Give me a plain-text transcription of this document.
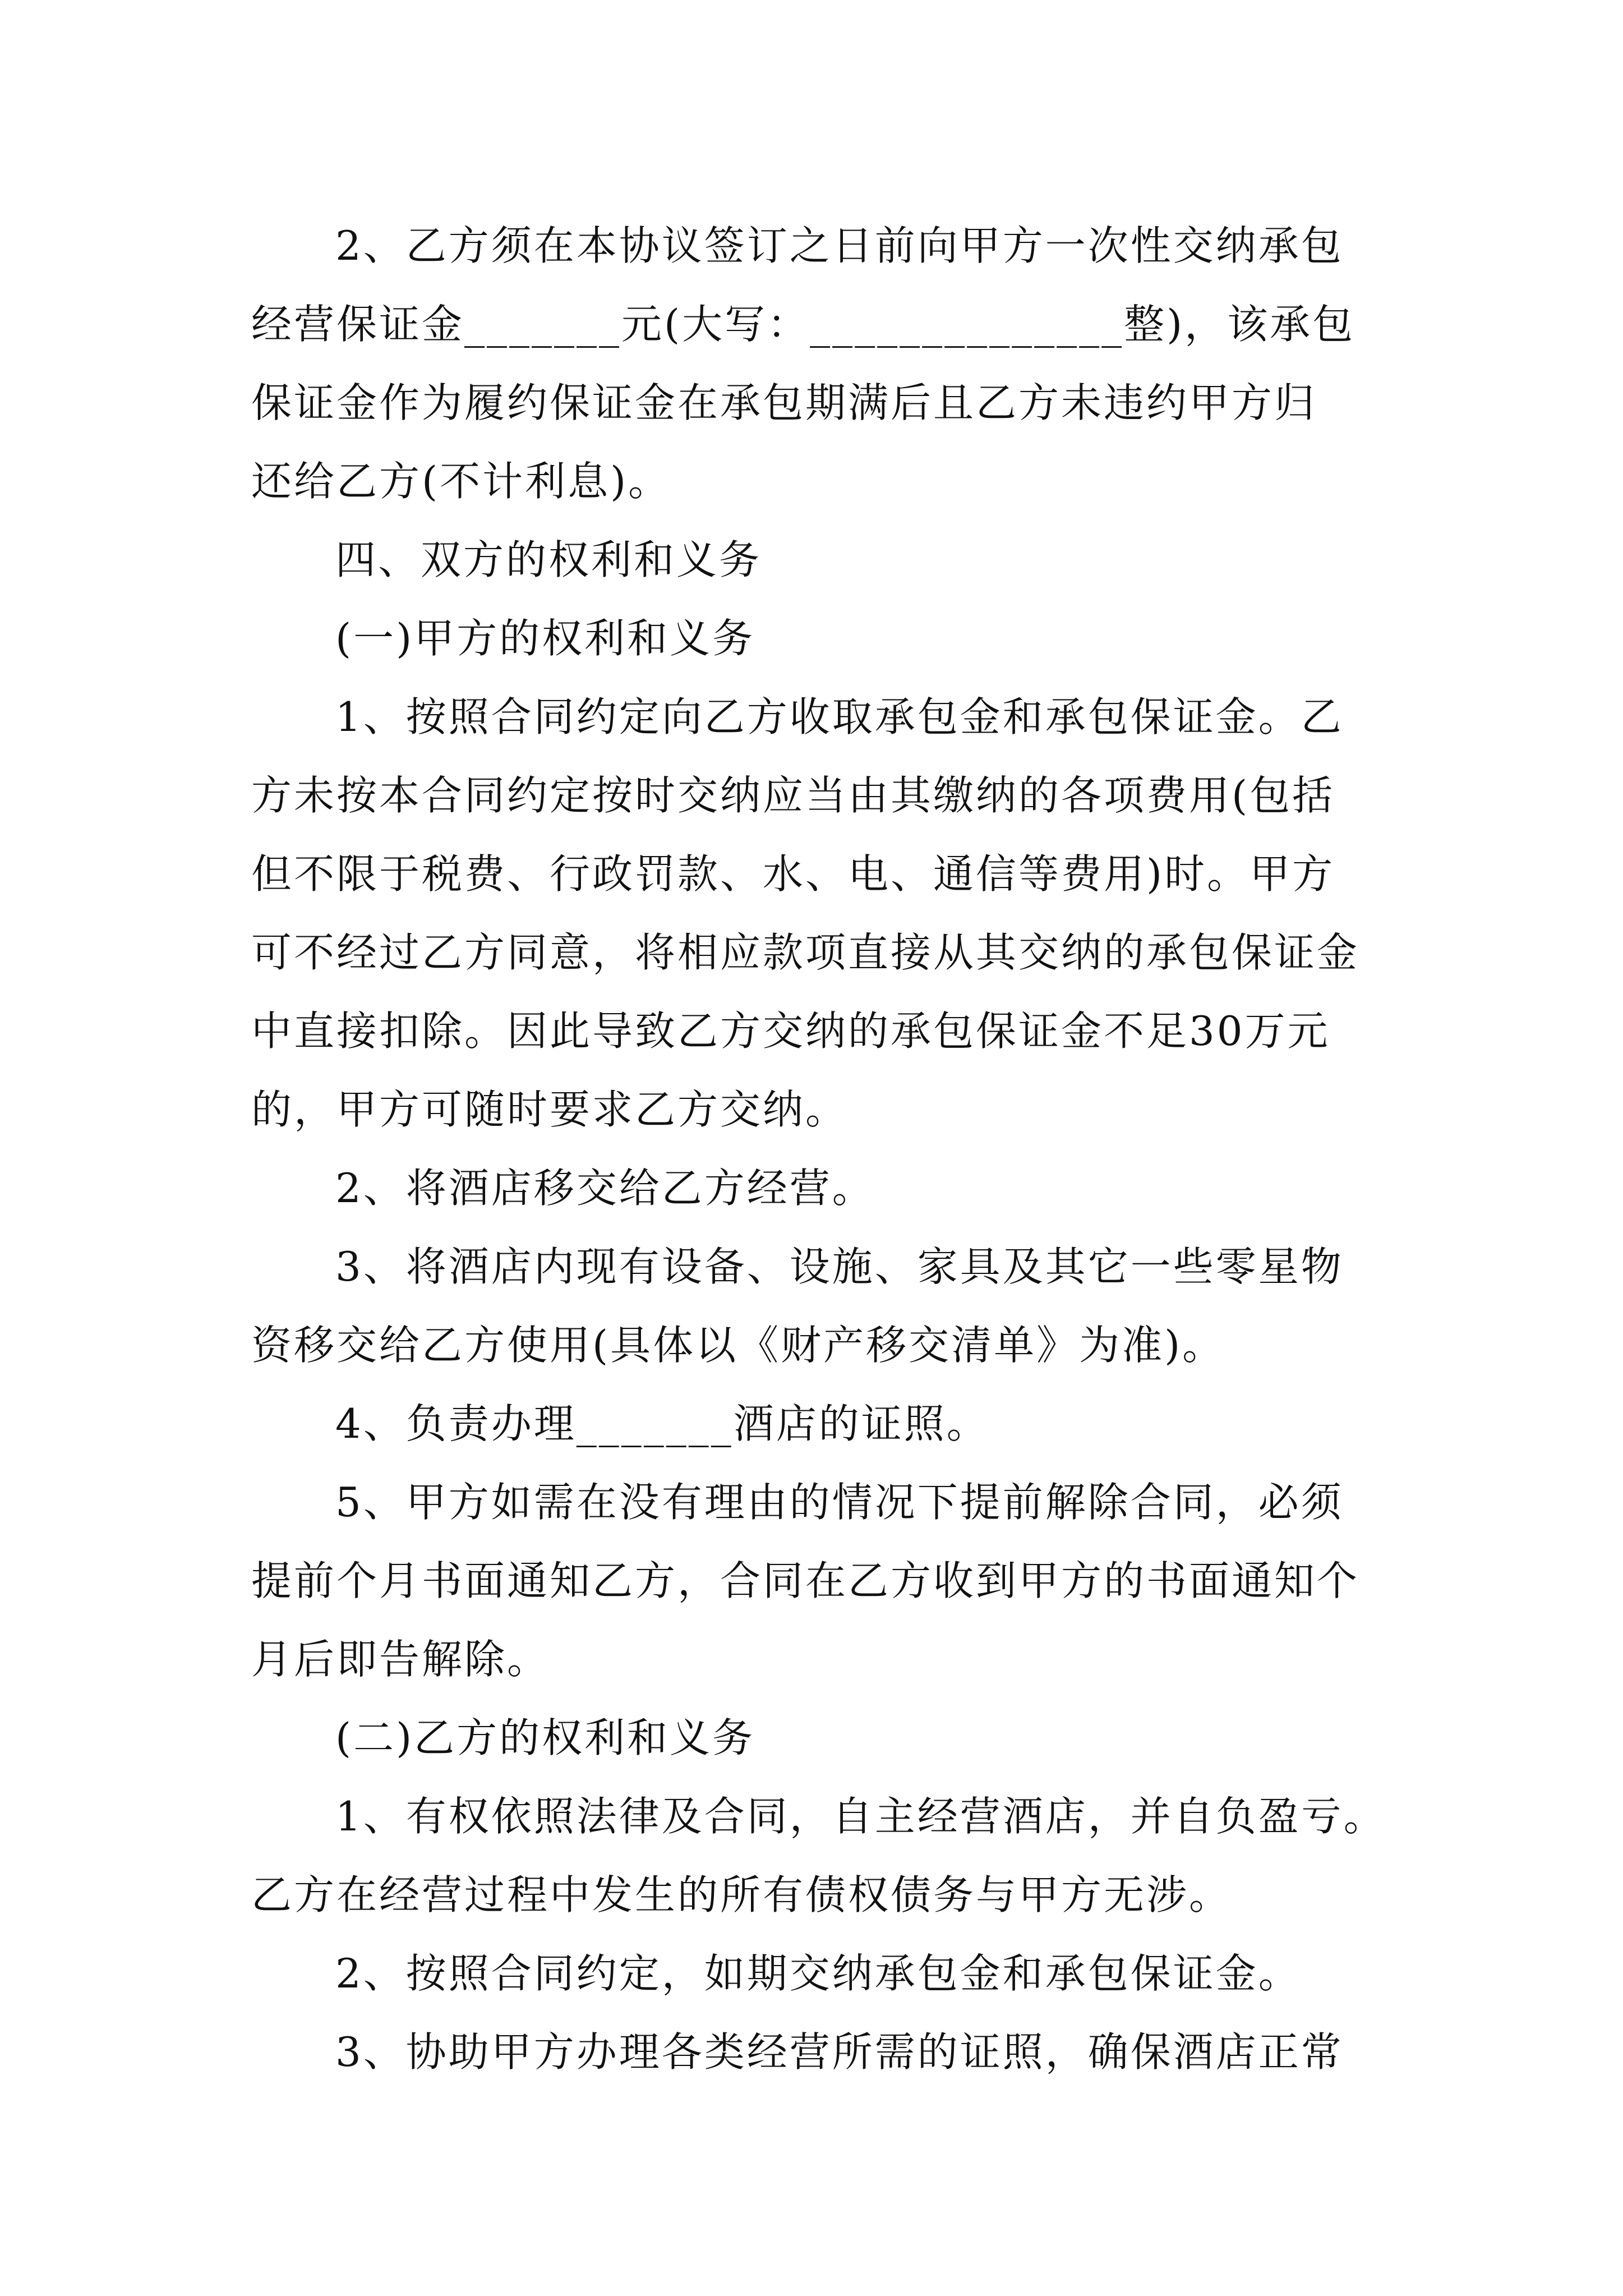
2、乙方须在本协议签订之日前向甲方一次性交纳承包
经营保证金_______元(大写：______________整)，该承包
保证金作为履约保证金在承包期满后且乙方未违约甲方归
还给乙方(不计利息)。
四、双方的权利和义务
(一)甲方的权利和义务
1、按照合同约定向乙方收取承包金和承包保证金。乙
方未按本合同约定按时交纳应当由其缴纳的各项费用(包括
但不限于税费、行政罚款、水、电、通信等费用)时。甲方
可不经过乙方同意，将相应款项直接从其交纳的承包保证金
中直接扣除。因此导致乙方交纳的承包保证金不足30万元
的，甲方可随时要求乙方交纳。
2、将酒店移交给乙方经营。
3、将酒店内现有设备、设施、家具及其它一些零星物
资移交给乙方使用(具体以《财产移交清单》为准)。
4、负责办理_______酒店的证照。
5、甲方如需在没有理由的情况下提前解除合同，必须
提前个月书面通知乙方，合同在乙方收到甲方的书面通知个
月后即告解除。
(二)乙方的权利和义务
1、有权依照法律及合同，自主经营酒店，并自负盈亏。
乙方在经营过程中发生的所有债权债务与甲方无涉。
2、按照合同约定，如期交纳承包金和承包保证金。
3、协助甲方办理各类经营所需的证照，确保酒店正常
